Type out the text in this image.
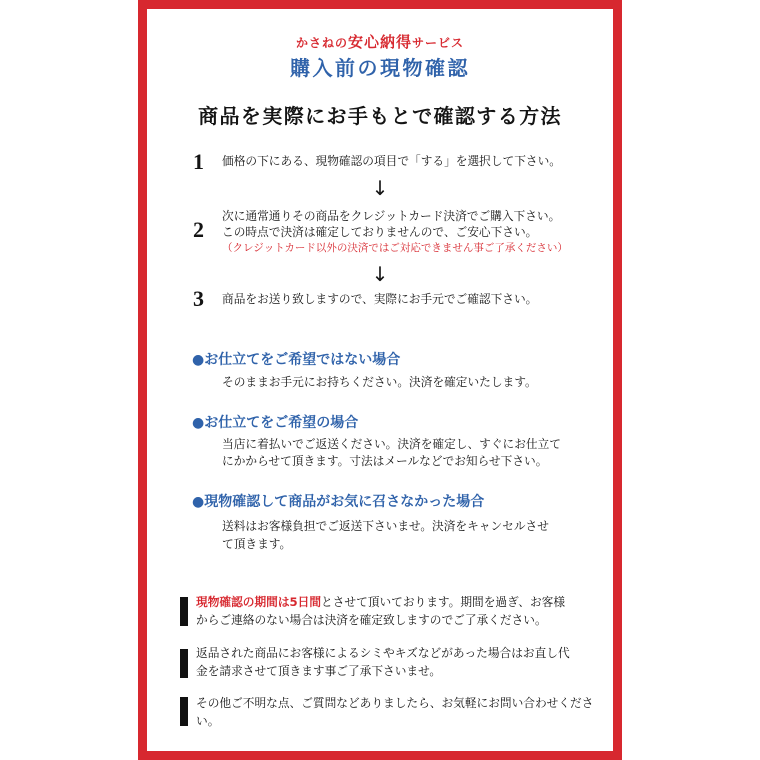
かさねの安心納得サービス
購入前の現物確認
商品を実際にお手もとで確認する方法
1 価格の下にある、現物確認の項目で「する」を選択して下さい。
↓
2
次に通常通りその商品をクレジットカード決済でご購入下さい。
この時点で決済は確定しておりませんので、ご安心下さい。
（クレジットカード以外の決済ではご対応できません事ご了承ください）
↓
3 商品をお送り致しますので、実際にお手元でご確認下さい。
●お仕立てをご希望ではない場合
そのままお手元にお持ちください。決済を確定いたします。
●お仕立てをご希望の場合
当店に着払いでご返送ください。決済を確定し、すぐにお仕立て
にかからせて頂きます。寸法はメールなどでお知らせ下さい。
●現物確認して商品がお気に召さなかった場合
送料はお客様負担でご返送下さいませ。決済をキャンセルさせ
て頂きます。
現物確認の期間は5日間とさせて頂いております。期間を過ぎ、お客様
からご連絡のない場合は決済を確定致しますのでご了承ください。
返品された商品にお客様によるシミやキズなどがあった場合はお直し代
金を請求させて頂きます事ご了承下さいませ。
その他ご不明な点、ご質問などありましたら、お気軽にお問い合わせくださ
い。
